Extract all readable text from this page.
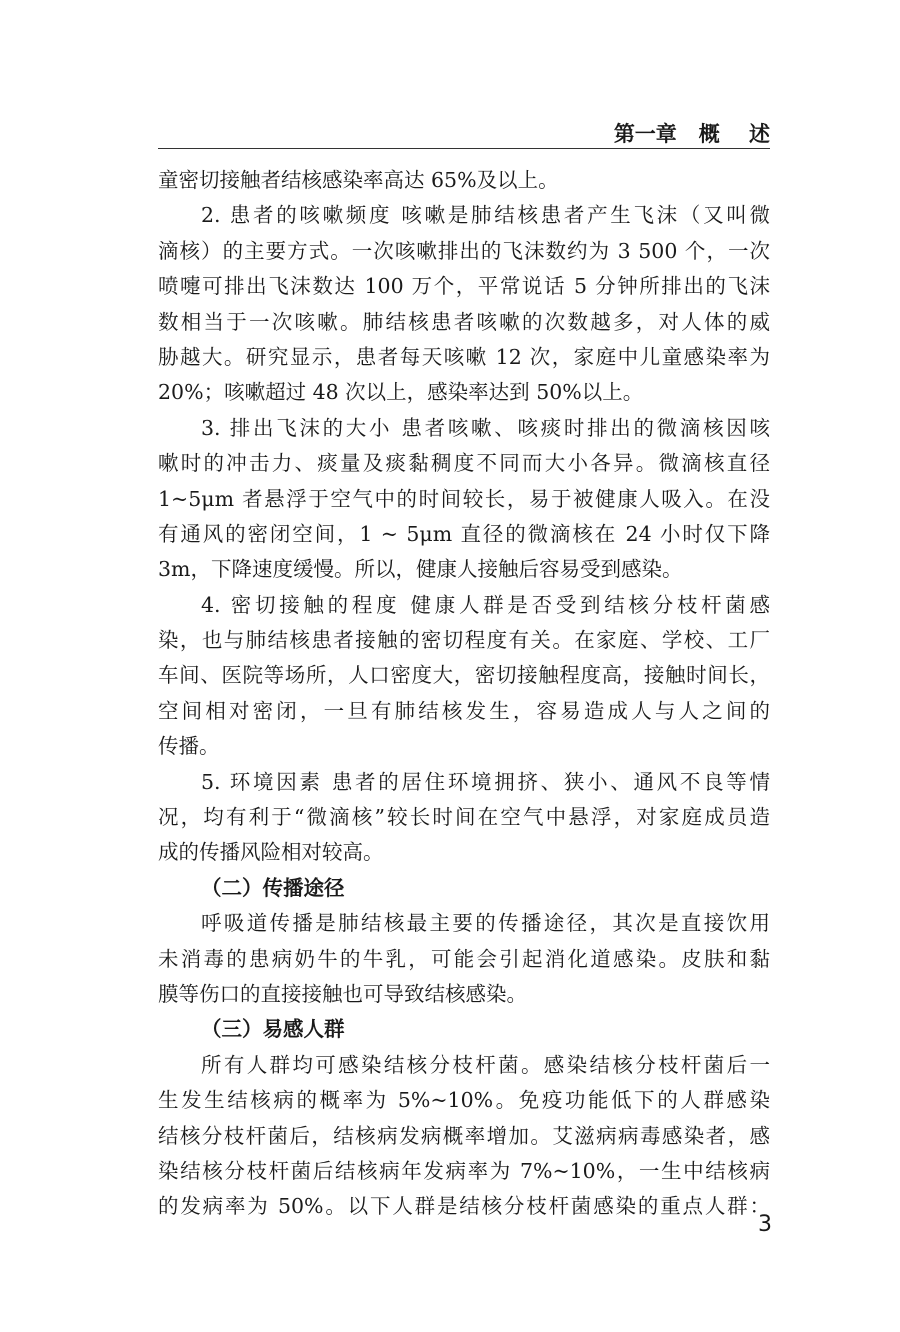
第一章   概    述
童密切接触者结核感染率高达 65%及以上。
2. 患者的咳嗽频度 咳嗽是肺结核患者产生飞沫（又叫微
滴核）的主要方式。一次咳嗽排出的飞沫数约为 3 500 个，一次
喷嚏可排出飞沫数达 100 万个，平常说话 5 分钟所排出的飞沫
数相当于一次咳嗽。肺结核患者咳嗽的次数越多，对人体的威
胁越大。研究显示，患者每天咳嗽 12 次，家庭中儿童感染率为
20%；咳嗽超过 48 次以上，感染率达到 50%以上。
3. 排出飞沫的大小 患者咳嗽、咳痰时排出的微滴核因咳
嗽时的冲击力、痰量及痰黏稠度不同而大小各异。微滴核直径
1~5μm 者悬浮于空气中的时间较长，易于被健康人吸入。在没
有通风的密闭空间，1 ~ 5μm 直径的微滴核在 24 小时仅下降
3m，下降速度缓慢。所以，健康人接触后容易受到感染。
4. 密切接触的程度 健康人群是否受到结核分枝杆菌感
染，也与肺结核患者接触的密切程度有关。在家庭、学校、工厂
车间、医院等场所，人口密度大，密切接触程度高，接触时间长，
空间相对密闭，一旦有肺结核发生，容易造成人与人之间的
传播。
5. 环境因素 患者的居住环境拥挤、狭小、通风不良等情
况，均有利于“微滴核”较长时间在空气中悬浮，对家庭成员造
成的传播风险相对较高。
（二）传播途径
呼吸道传播是肺结核最主要的传播途径，其次是直接饮用
未消毒的患病奶牛的牛乳，可能会引起消化道感染。皮肤和黏
膜等伤口的直接接触也可导致结核感染。
（三）易感人群
所有人群均可感染结核分枝杆菌。感染结核分枝杆菌后一
生发生结核病的概率为 5%~10%。免疫功能低下的人群感染
结核分枝杆菌后，结核病发病概率增加。艾滋病病毒感染者，感
染结核分枝杆菌后结核病年发病率为 7%~10%，一生中结核病
的发病率为 50%。以下人群是结核分枝杆菌感染的重点人群：
3
